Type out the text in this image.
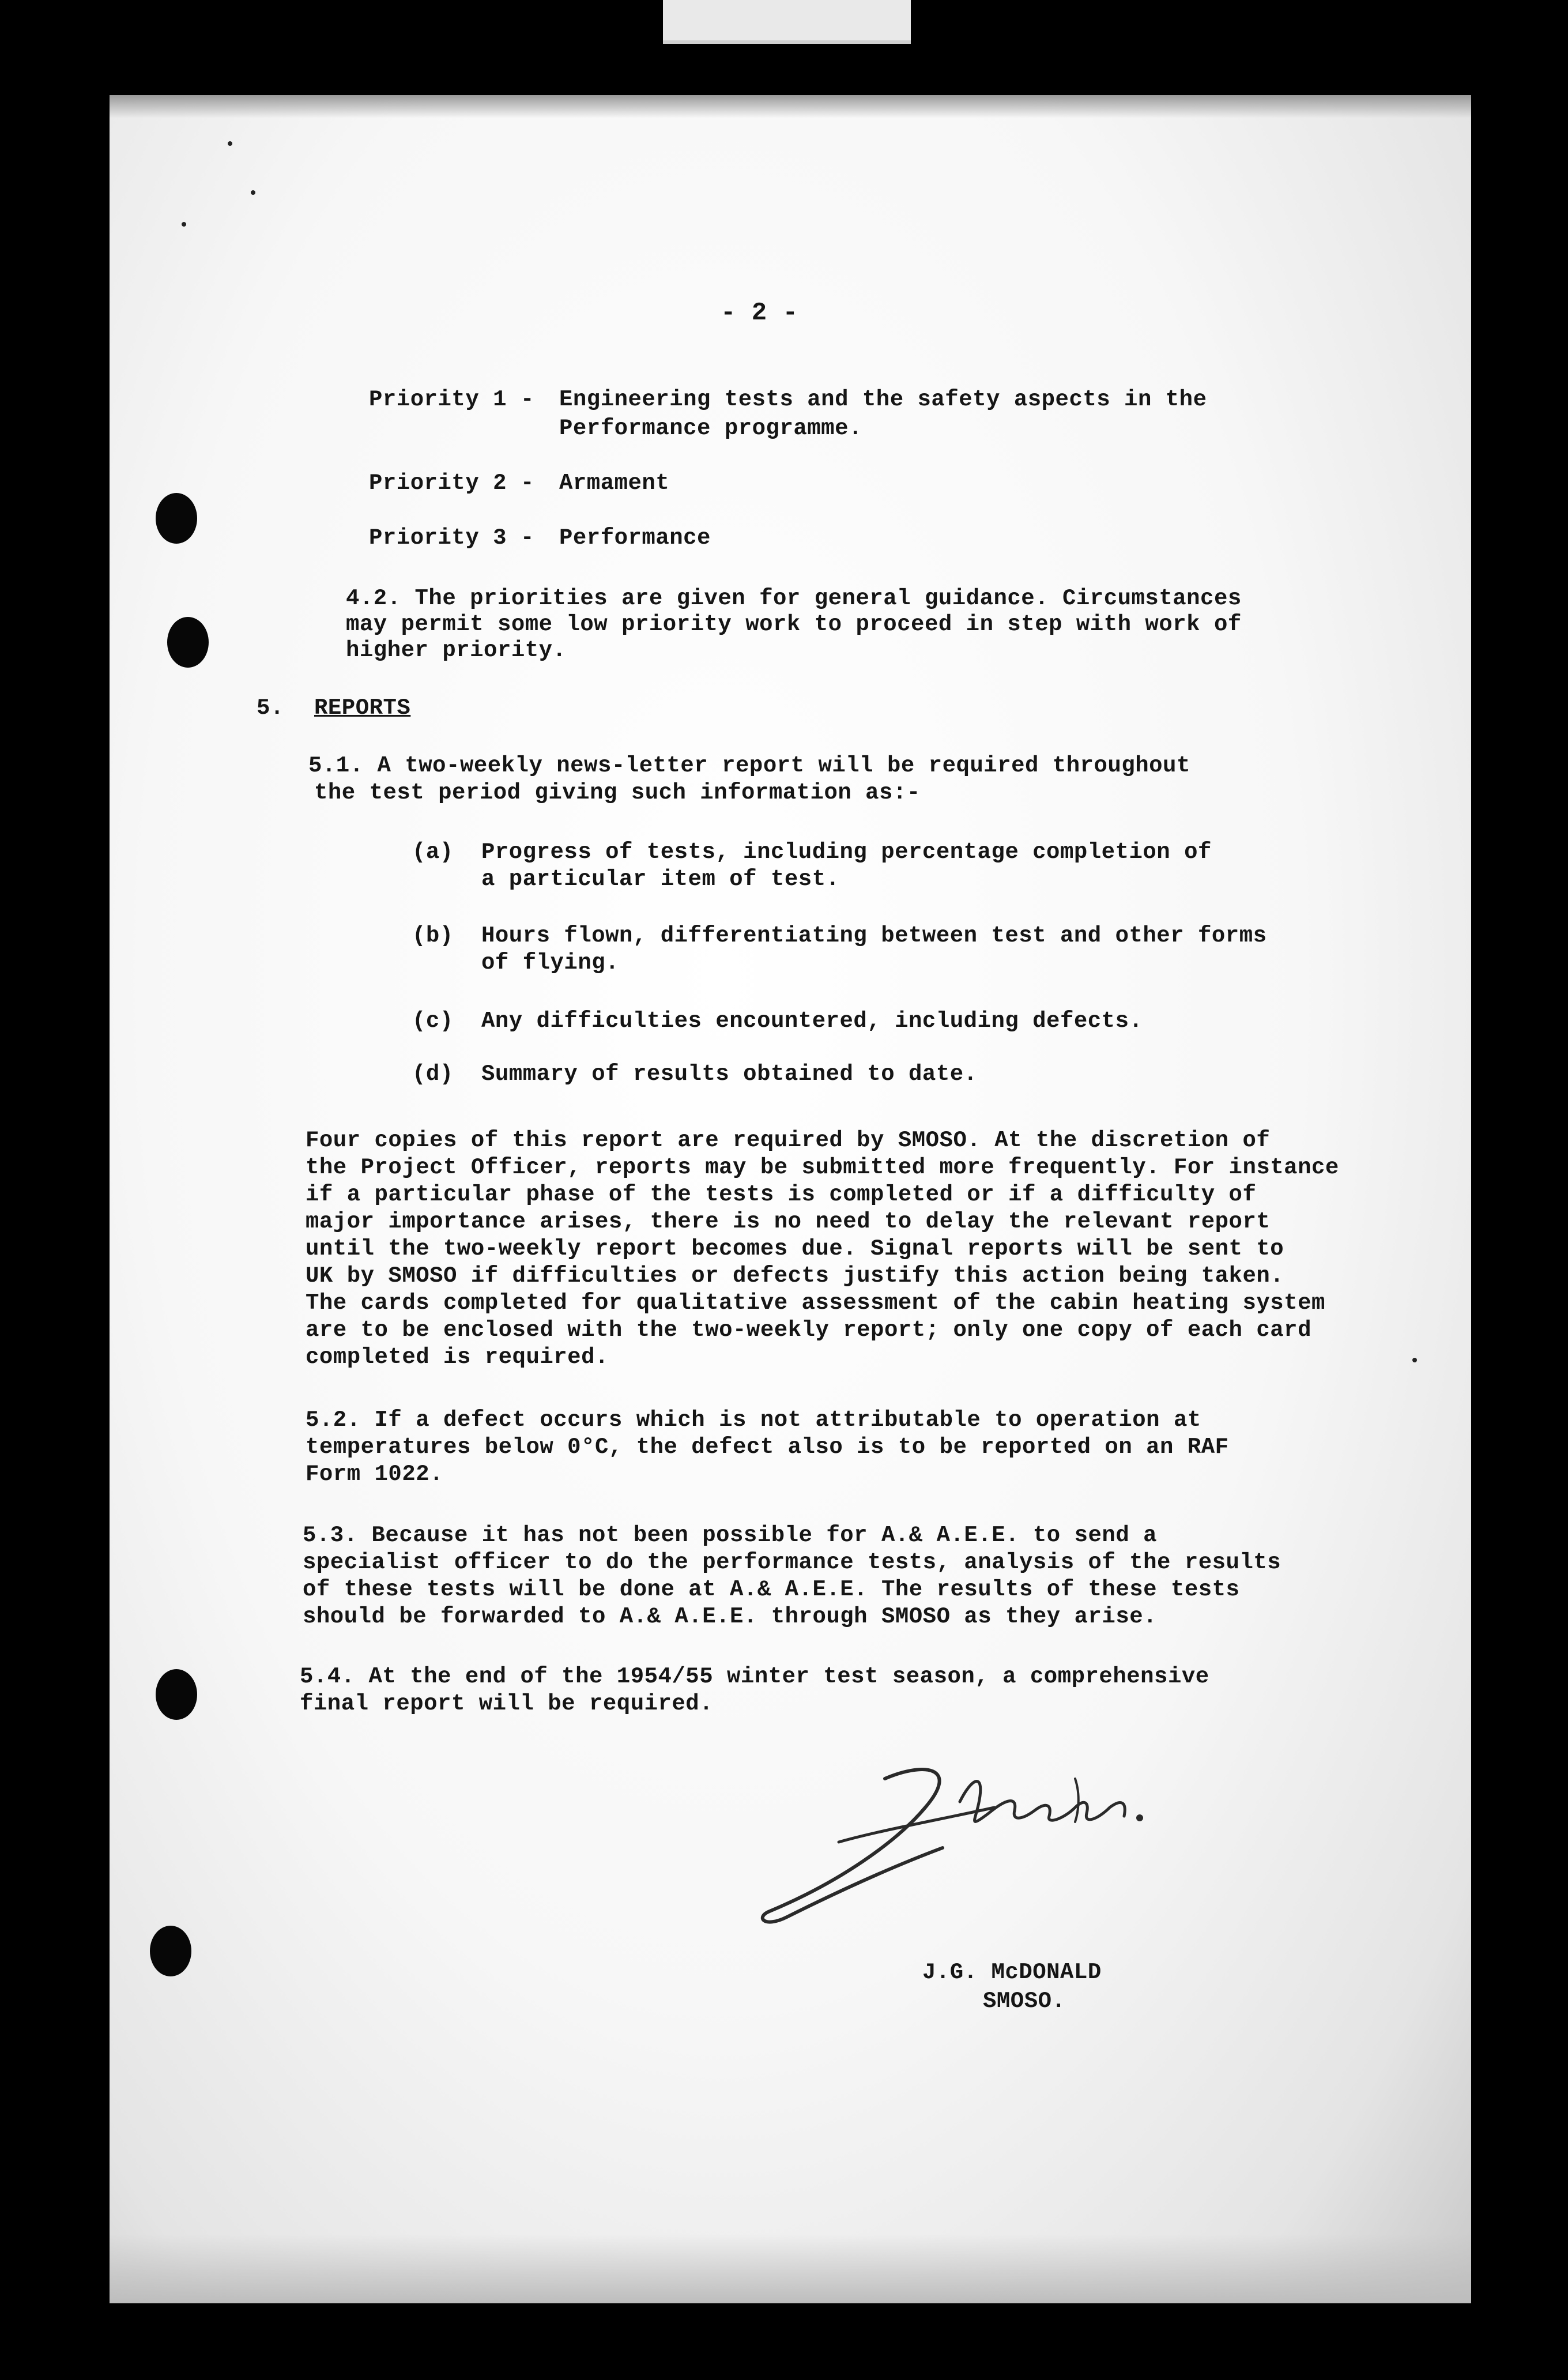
- 2 -
Priority 1 - Engineering tests and the safety aspects in the
Performance programme.
Priority 2 - Armament
Priority 3 - Performance
4.2. The priorities are given for general guidance. Circumstances
may permit some low priority work to proceed in step with work of
higher priority.
5. REPORTS
5.1. A two-weekly news-letter report will be required throughout
the test period giving such information as:-
(a) Progress of tests, including percentage completion of
a particular item of test.
(b) Hours flown, differentiating between test and other forms
of flying.
(c) Any difficulties encountered, including defects.
(d) Summary of results obtained to date.
Four copies of this report are required by SMOSO. At the discretion of
the Project Officer, reports may be submitted more frequently. For instance
if a particular phase of the tests is completed or if a difficulty of
major importance arises, there is no need to delay the relevant report
until the two-weekly report becomes due. Signal reports will be sent to
UK by SMOSO if difficulties or defects justify this action being taken.
The cards completed for qualitative assessment of the cabin heating system
are to be enclosed with the two-weekly report; only one copy of each card
completed is required.
5.2. If a defect occurs which is not attributable to operation at
temperatures below 0°C, the defect also is to be reported on an RAF
Form 1022.
5.3. Because it has not been possible for A.& A.E.E. to send a
specialist officer to do the performance tests, analysis of the results
of these tests will be done at A.& A.E.E. The results of these tests
should be forwarded to A.& A.E.E. through SMOSO as they arise.
5.4. At the end of the 1954/55 winter test season, a comprehensive
final report will be required.
J.G. McDONALD
SMOSO.
